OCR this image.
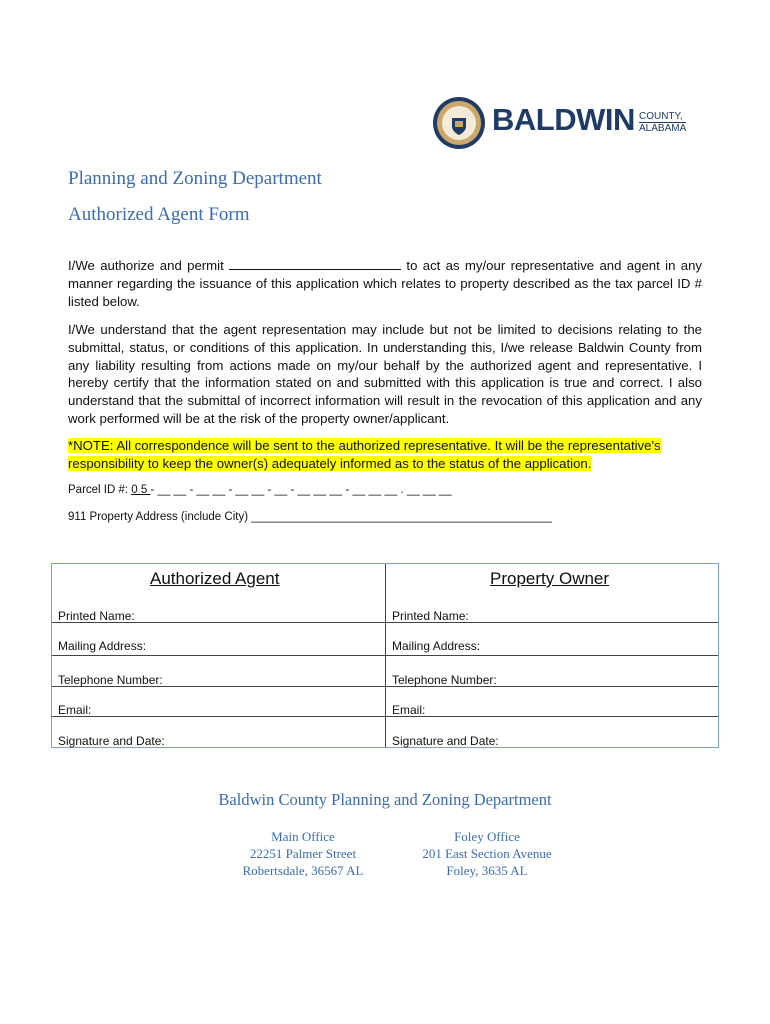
BALDWIN COUNTY,
ALABAMA
Planning and Zoning Department
Authorized Agent Form
I/We authorize and permit	to act as my/our representative and agent in any manner regarding the issuance of this application which relates to property described as the tax parcel ID # listed below.
I/We understand that the agent representation may include but not be limited to decisions relating to the submittal, status, or conditions of this application. In understanding this, I/we release Baldwin County from any liability resulting from actions made on my/our behalf by the authorized agent and representative. I hereby certify that the information stated on and submitted with this application is true and correct. I also understand that the submittal of incorrect information will result in the revocation of this application and any work performed will be at the risk of the property owner/applicant.
*NOTE: All correspondence will be sent to the authorized representative. It will be the representative's responsibility to keep the owner(s) adequately informed as to the status of the application.
Parcel ID #: 0 5 - __ __ - __ __ - __ __ - __ - __ __ __ - __ __ __ . __ __ __
911 Property Address (include City) _______________________________________________
Authorized Agent	Property Owner
Printed Name:	Printed Name:
Mailing Address:	Mailing Address:
Telephone Number:	Telephone Number:
Email:	Email:
Signature and Date:	Signature and Date:
Baldwin County Planning and Zoning Department
Main Office
22251 Palmer Street
Robertsdale, 36567 AL
Foley Office
201 East Section Avenue
Foley, 3635 AL
